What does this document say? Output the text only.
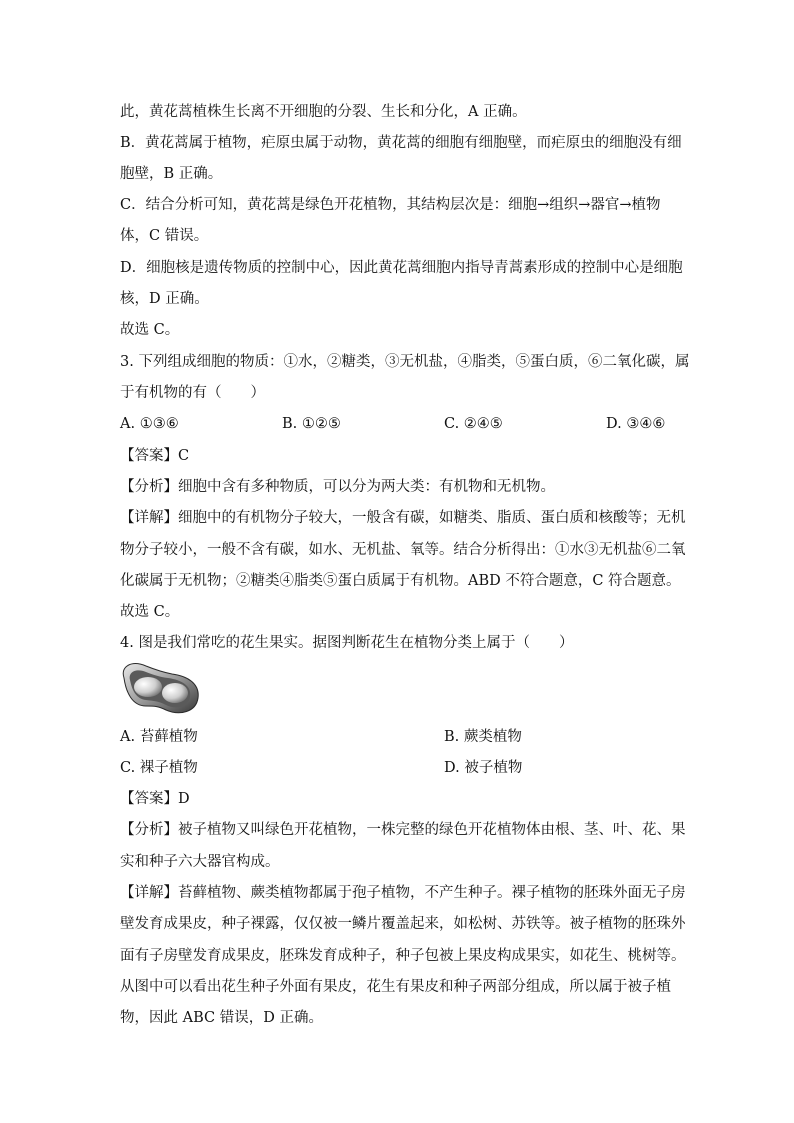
此，黄花蒿植株生长离不开细胞的分裂、生长和分化，A 正确。
B．黄花蒿属于植物，疟原虫属于动物，黄花蒿的细胞有细胞壁，而疟原虫的细胞没有细
胞壁，B 正确。
C．结合分析可知，黄花蒿是绿色开花植物，其结构层次是：细胞→组织→器官→植物
体，C 错误。
D．细胞核是遗传物质的控制中心，因此黄花蒿细胞内指导青蒿素形成的控制中心是细胞
核，D 正确。
故选 C。
3. 下列组成细胞的物质：①水，②糖类，③无机盐，④脂类，⑤蛋白质，⑥二氧化碳，属
于有机物的有（　　）
A. ①③⑥	B. ①②⑤	C. ②④⑤	D. ③④⑥
【答案】C
【分析】细胞中含有多种物质，可以分为两大类：有机物和无机物。
【详解】细胞中的有机物分子较大，一般含有碳，如糖类、脂质、蛋白质和核酸等；无机
物分子较小，一般不含有碳，如水、无机盐、氧等。结合分析得出：①水③无机盐⑥二氧
化碳属于无机物；②糖类④脂类⑤蛋白质属于有机物。ABD 不符合题意，C 符合题意。
故选 C。
4. 图是我们常吃的花生果实。据图判断花生在植物分类上属于（　　）
A. 苔藓植物	B. 蕨类植物
C. 裸子植物	D. 被子植物
【答案】D
【分析】被子植物又叫绿色开花植物，一株完整的绿色开花植物体由根、茎、叶、花、果
实和种子六大器官构成。
【详解】苔藓植物、蕨类植物都属于孢子植物，不产生种子。裸子植物的胚珠外面无子房
壁发育成果皮，种子裸露，仅仅被一鳞片覆盖起来，如松树、苏铁等。被子植物的胚珠外
面有子房壁发育成果皮，胚珠发育成种子，种子包被上果皮构成果实，如花生、桃树等。
从图中可以看出花生种子外面有果皮，花生有果皮和种子两部分组成，所以属于被子植
物，因此 ABC 错误，D 正确。
